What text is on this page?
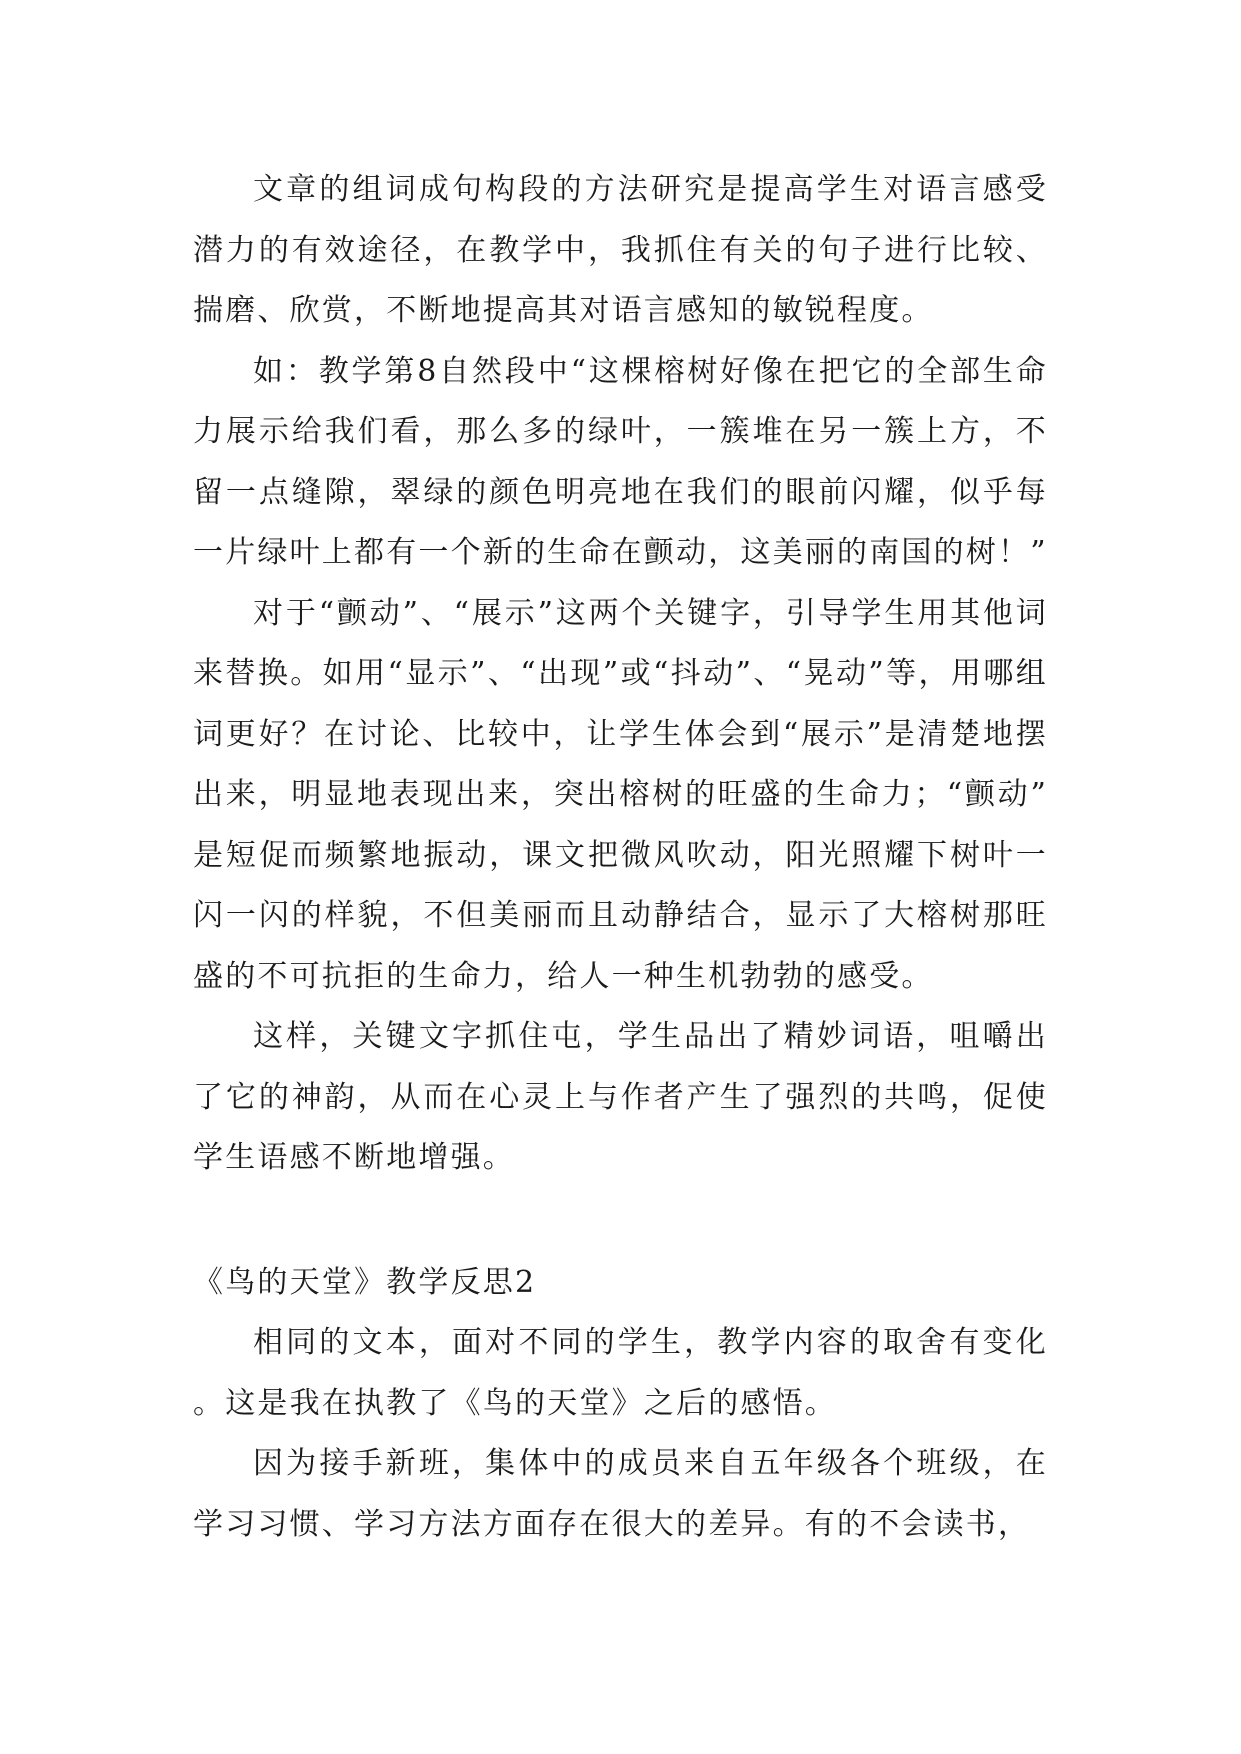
文章的组词成句构段的方法研究是提高学生对语言感受潜力的有效途径，在教学中，我抓住有关的句子进行比较、揣磨、欣赏，不断地提高其对语言感知的敏锐程度。

如：教学第8自然段中“这棵榕树好像在把它的全部生命力展示给我们看，那么多的绿叶，一簇堆在另一簇上方，不留一点缝隙，翠绿的颜色明亮地在我们的眼前闪耀，似乎每一片绿叶上都有一个新的生命在颤动，这美丽的南国的树！”

对于“颤动”、“展示”这两个关键字，引导学生用其他词来替换。如用“显示”、“出现”或“抖动”、“晃动”等，用哪组词更好？在讨论、比较中，让学生体会到“展示”是清楚地摆出来，明显地表现出来，突出榕树的旺盛的生命力；“颤动”是短促而频繁地振动，课文把微风吹动，阳光照耀下树叶一闪一闪的样貌，不但美丽而且动静结合，显示了大榕树那旺盛的不可抗拒的生命力，给人一种生机勃勃的感受。

这样，关键文字抓住屯，学生品出了精妙词语，咀嚼出了它的神韵，从而在心灵上与作者产生了强烈的共鸣，促使学生语感不断地增强。

《鸟的天堂》教学反思2

相同的文本，面对不同的学生，教学内容的取舍有变化。这是我在执教了《鸟的天堂》之后的感悟。

因为接手新班，集体中的成员来自五年级各个班级，在学习习惯、学习方法方面存在很大的差异。有的不会读书，
